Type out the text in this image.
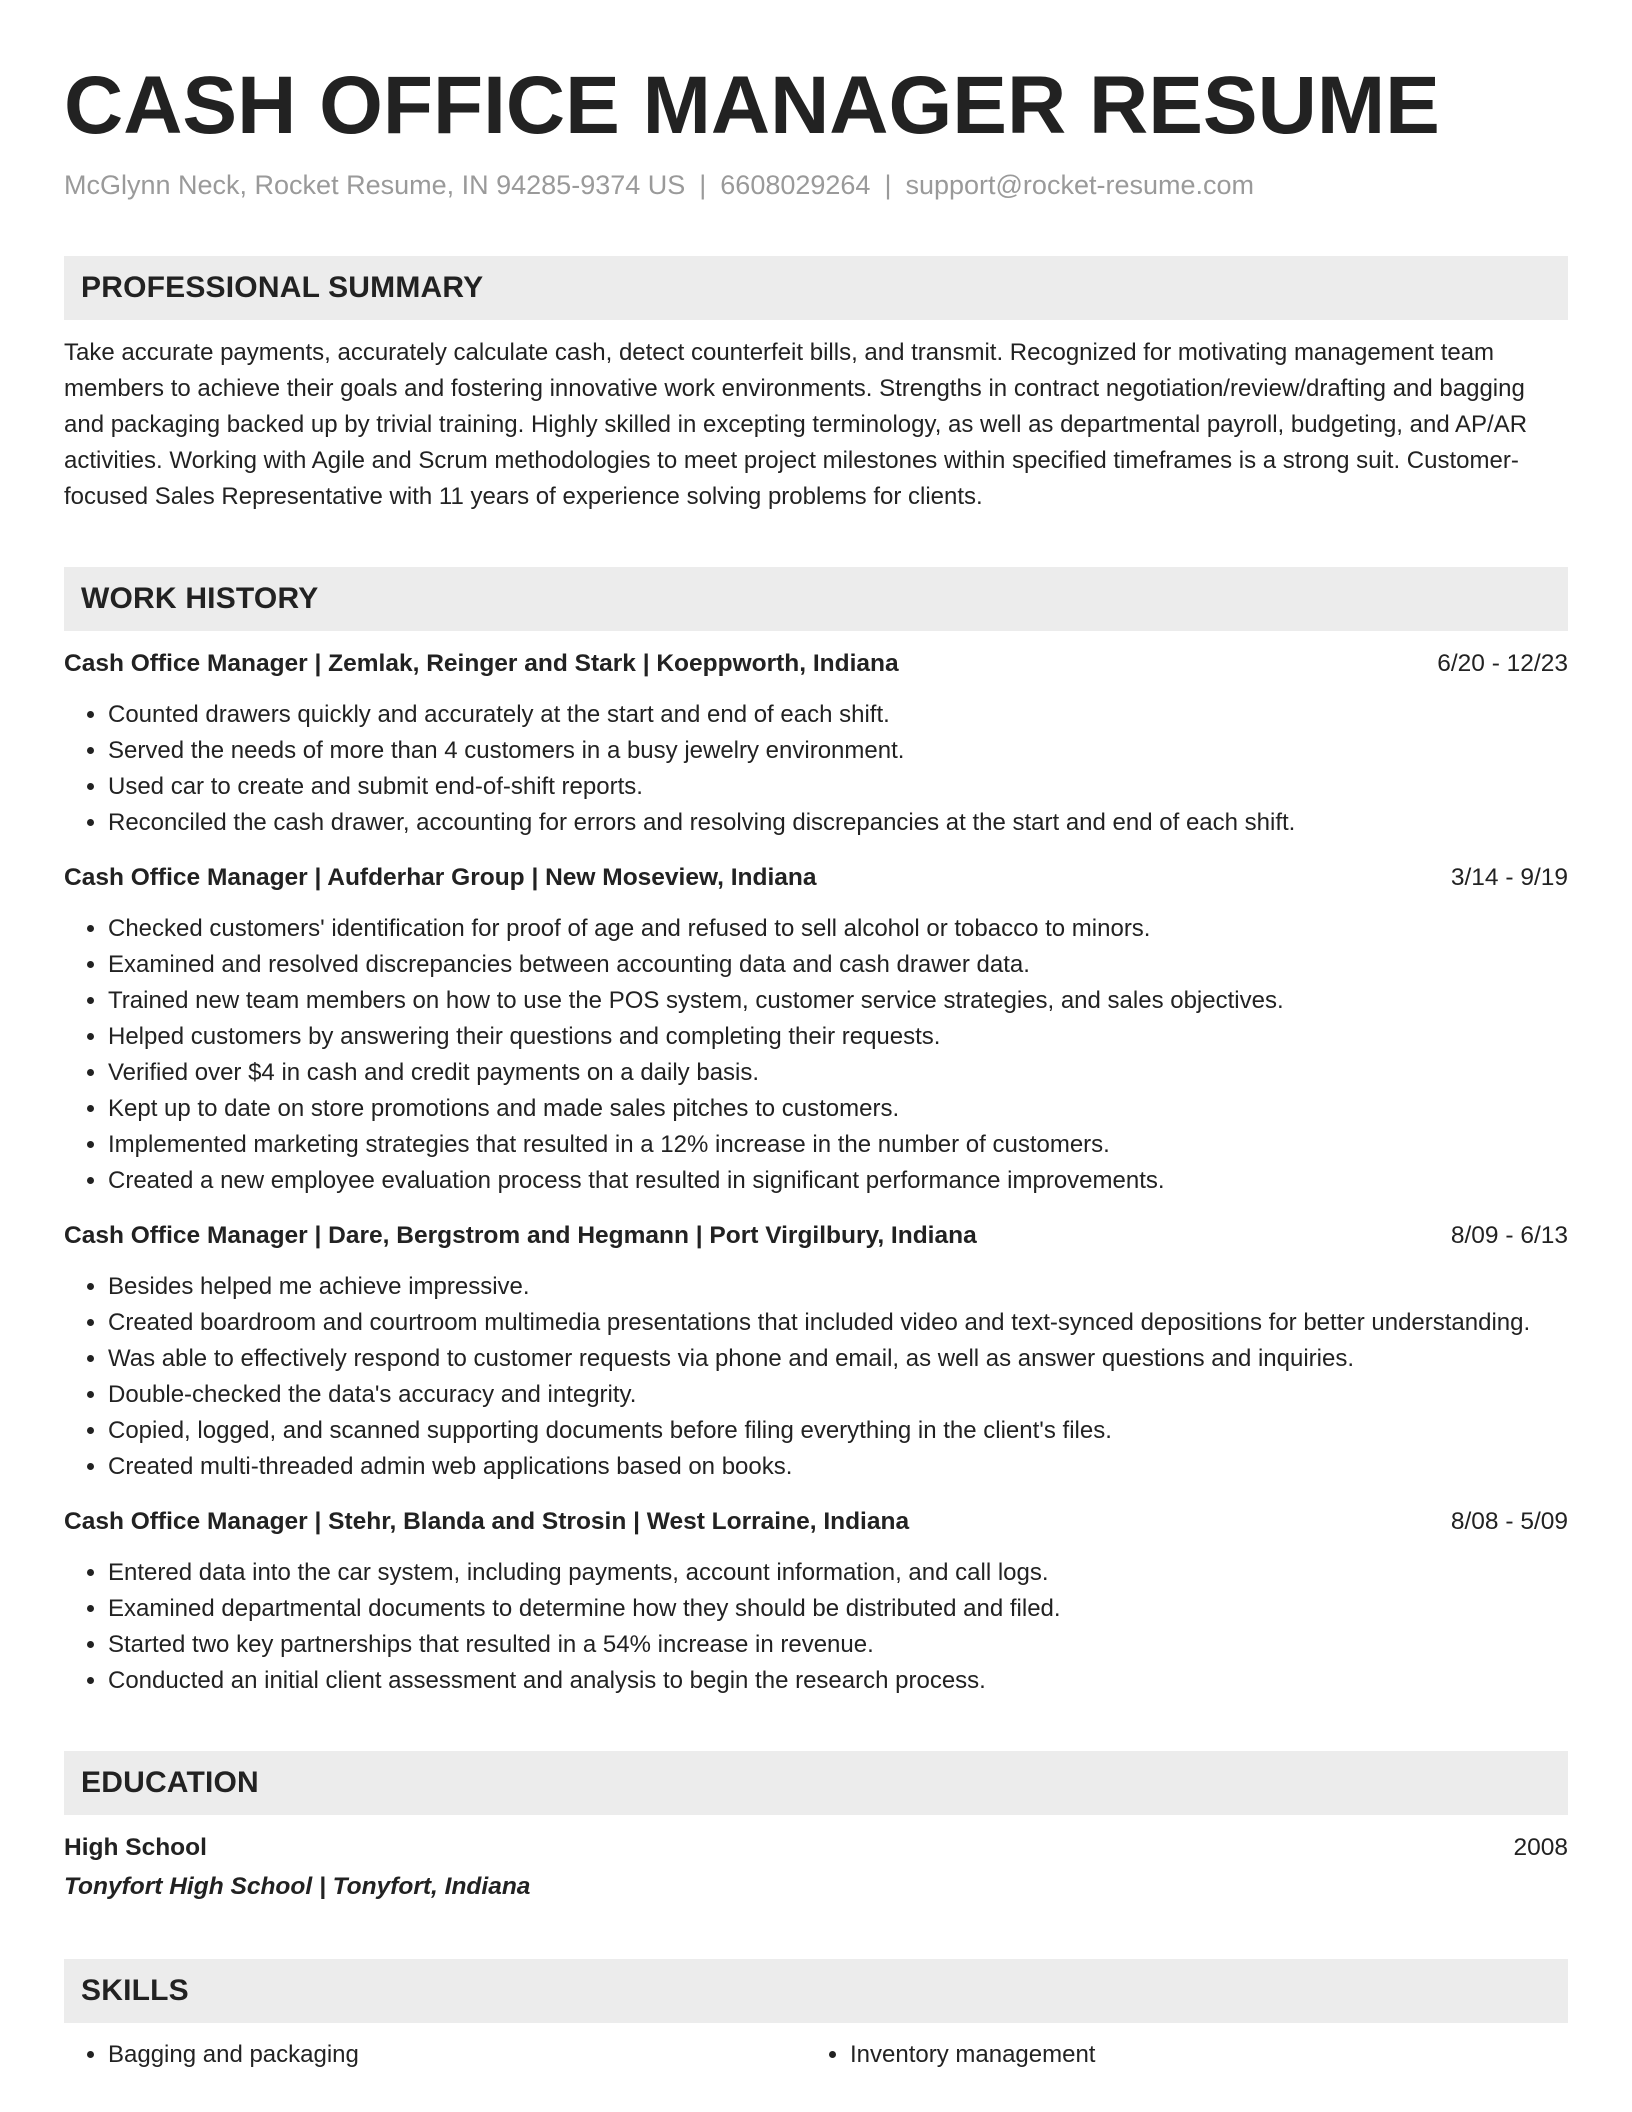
CASH OFFICE MANAGER RESUME
McGlynn Neck, Rocket Resume, IN 94285-9374 US | 6608029264 | support@rocket-resume.com
PROFESSIONAL SUMMARY
Take accurate payments, accurately calculate cash, detect counterfeit bills, and transmit. Recognized for motivating management team members to achieve their goals and fostering innovative work environments. Strengths in contract negotiation/review/drafting and bagging and packaging backed up by trivial training. Highly skilled in excepting terminology, as well as departmental payroll, budgeting, and AP/AR activities. Working with Agile and Scrum methodologies to meet project milestones within specified timeframes is a strong suit. Customer-focused Sales Representative with 11 years of experience solving problems for clients.
WORK HISTORY
Cash Office Manager | Zemlak, Reinger and Stark | Koeppworth, Indiana	6/20 - 12/23
• Counted drawers quickly and accurately at the start and end of each shift.
• Served the needs of more than 4 customers in a busy jewelry environment.
• Used car to create and submit end-of-shift reports.
• Reconciled the cash drawer, accounting for errors and resolving discrepancies at the start and end of each shift.
Cash Office Manager | Aufderhar Group | New Moseview, Indiana	3/14 - 9/19
• Checked customers' identification for proof of age and refused to sell alcohol or tobacco to minors.
• Examined and resolved discrepancies between accounting data and cash drawer data.
• Trained new team members on how to use the POS system, customer service strategies, and sales objectives.
• Helped customers by answering their questions and completing their requests.
• Verified over $4 in cash and credit payments on a daily basis.
• Kept up to date on store promotions and made sales pitches to customers.
• Implemented marketing strategies that resulted in a 12% increase in the number of customers.
• Created a new employee evaluation process that resulted in significant performance improvements.
Cash Office Manager | Dare, Bergstrom and Hegmann | Port Virgilbury, Indiana	8/09 - 6/13
• Besides helped me achieve impressive.
• Created boardroom and courtroom multimedia presentations that included video and text-synced depositions for better understanding.
• Was able to effectively respond to customer requests via phone and email, as well as answer questions and inquiries.
• Double-checked the data's accuracy and integrity.
• Copied, logged, and scanned supporting documents before filing everything in the client's files.
• Created multi-threaded admin web applications based on books.
Cash Office Manager | Stehr, Blanda and Strosin | West Lorraine, Indiana	8/08 - 5/09
• Entered data into the car system, including payments, account information, and call logs.
• Examined departmental documents to determine how they should be distributed and filed.
• Started two key partnerships that resulted in a 54% increase in revenue.
• Conducted an initial client assessment and analysis to begin the research process.
EDUCATION
High School	2008
Tonyfort High School | Tonyfort, Indiana
SKILLS
• Bagging and packaging
•	Inventory management
